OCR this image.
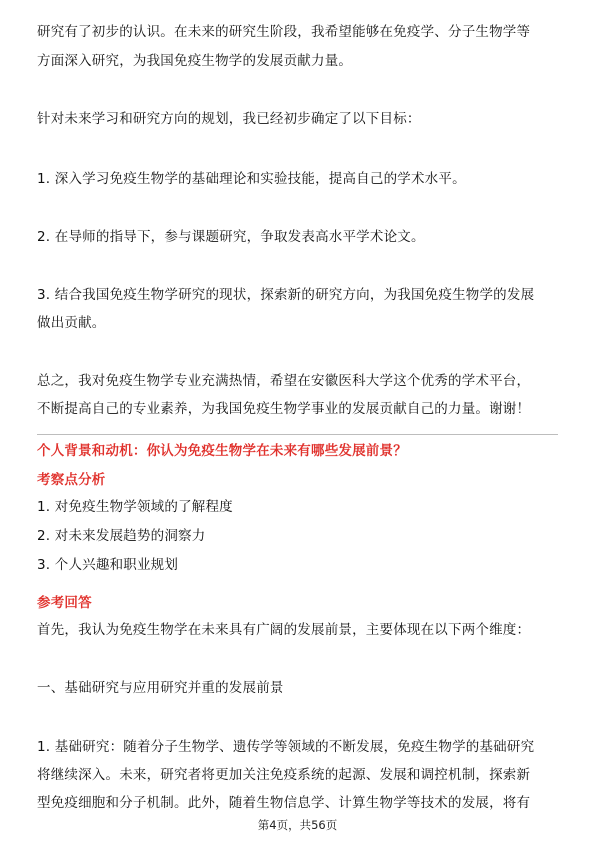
研究有了初步的认识。在未来的研究生阶段，我希望能够在免疫学、分子生物学等
方面深入研究，为我国免疫生物学的发展贡献力量。
针对未来学习和研究方向的规划，我已经初步确定了以下目标：
1. 深入学习免疫生物学的基础理论和实验技能，提高自己的学术水平。
2. 在导师的指导下，参与课题研究，争取发表高水平学术论文。
3. 结合我国免疫生物学研究的现状，探索新的研究方向，为我国免疫生物学的发展
做出贡献。
总之，我对免疫生物学专业充满热情，希望在安徽医科大学这个优秀的学术平台，
不断提高自己的专业素养，为我国免疫生物学事业的发展贡献自己的力量。谢谢！
个人背景和动机：你认为免疫生物学在未来有哪些发展前景？
考察点分析
1. 对免疫生物学领域的了解程度
2. 对未来发展趋势的洞察力
3. 个人兴趣和职业规划
参考回答
首先，我认为免疫生物学在未来具有广阔的发展前景，主要体现在以下两个维度：
一、基础研究与应用研究并重的发展前景
1. 基础研究：随着分子生物学、遗传学等领域的不断发展，免疫生物学的基础研究
将继续深入。未来，研究者将更加关注免疫系统的起源、发展和调控机制，探索新
型免疫细胞和分子机制。此外，随着生物信息学、计算生物学等技术的发展，将有
第4页，共56页
